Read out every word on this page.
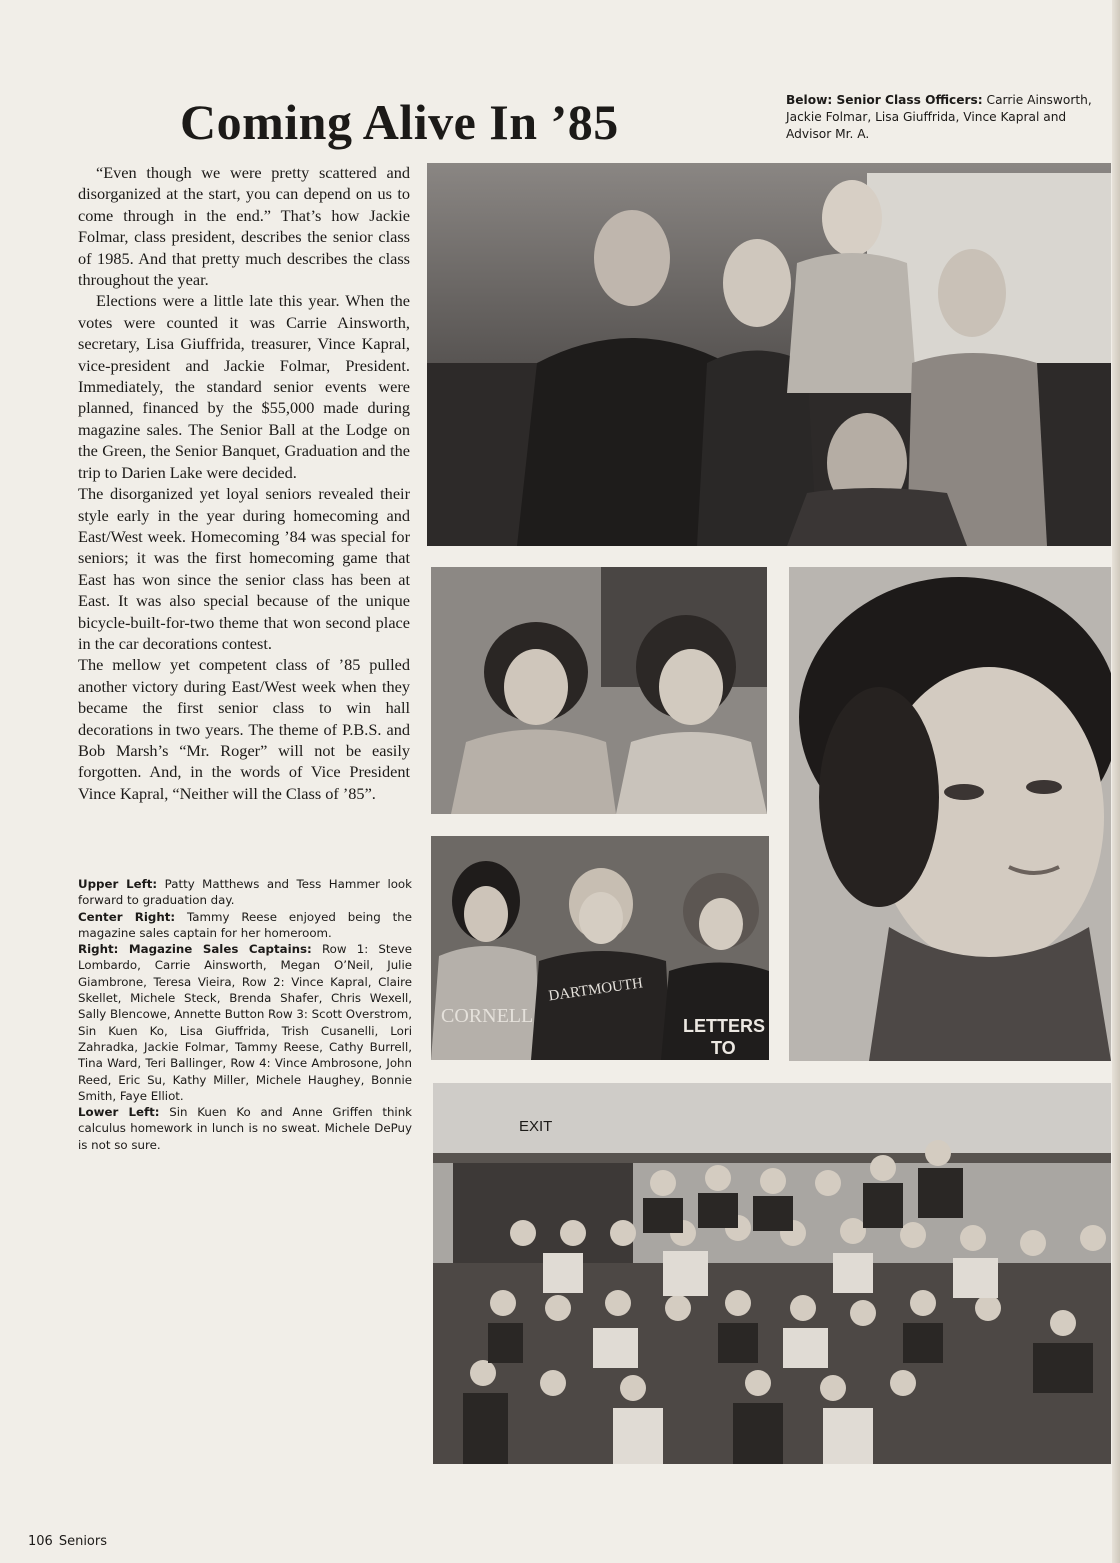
Coming Alive In ’85	Below: Senior Class Officers: Carrie Ainsworth, Jackie Folmar, Lisa Giuffrida, Vince Kapral and Advisor Mr. A.

“Even though we were pretty scattered and disorganized at the start, you can depend on us to come through in the end.” That’s how Jackie Folmar, class president, describes the senior class of 1985. And that pretty much describes the class throughout the year.

Elections were a little late this year. When the votes were counted it was Carrie Ainsworth, secretary, Lisa Giuffrida, treasurer, Vince Kapral, vice-president and Jackie Folmar, President. Immediately, the standard senior events were planned, financed by the $55,000 made during magazine sales. The Senior Ball at the Lodge on the Green, the Senior Banquet, Graduation and the trip to Darien Lake were decided.

The disorganized yet loyal seniors revealed their style early in the year during homecoming and East/West week. Homecoming ’84 was special for seniors; it was the first homecoming game that East has won since the senior class has been at East. It was also special because of the unique bicycle-built-for-two theme that won second place in the car decorations contest.

The mellow yet competent class of ’85 pulled another victory during East/West week when they became the first senior class to win hall decorations in two years. The theme of P.B.S. and Bob Marsh’s “Mr. Roger” will not be easily forgotten. And, in the words of Vice President Vince Kapral, “Neither will the Class of ’85”.

Upper Left: Patty Matthews and Tess Hammer look forward to graduation day.

Center Right: Tammy Reese enjoyed being the magazine sales captain for her homeroom.

Right: Magazine Sales Captains: Row 1: Steve Lombardo, Carrie Ainsworth, Megan O’Neil, Julie Giambrone, Teresa Vieira, Row 2: Vince Kapral, Claire Skellet, Michele Steck, Brenda Shafer, Chris Wexell, Sally Blencowe, Annette Button Row 3: Scott Overstrom, Sin Kuen Ko, Lisa Giuffrida, Trish Cusanelli, Lori Zahradka, Jackie Folmar, Tammy Reese, Cathy Burrell, Tina Ward, Teri Ballinger, Row 4: Vince Ambrosone, John Reed, Eric Su, Kathy Miller, Michele Haughey, Bonnie Smith, Faye Elliot.

Lower Left: Sin Kuen Ko and Anne Griffen think calculus homework in lunch is no sweat. Michele DePuy is not so sure.

CORNELL
DARTMOUTH
LETTERS
TO
EXIT
106 Seniors
